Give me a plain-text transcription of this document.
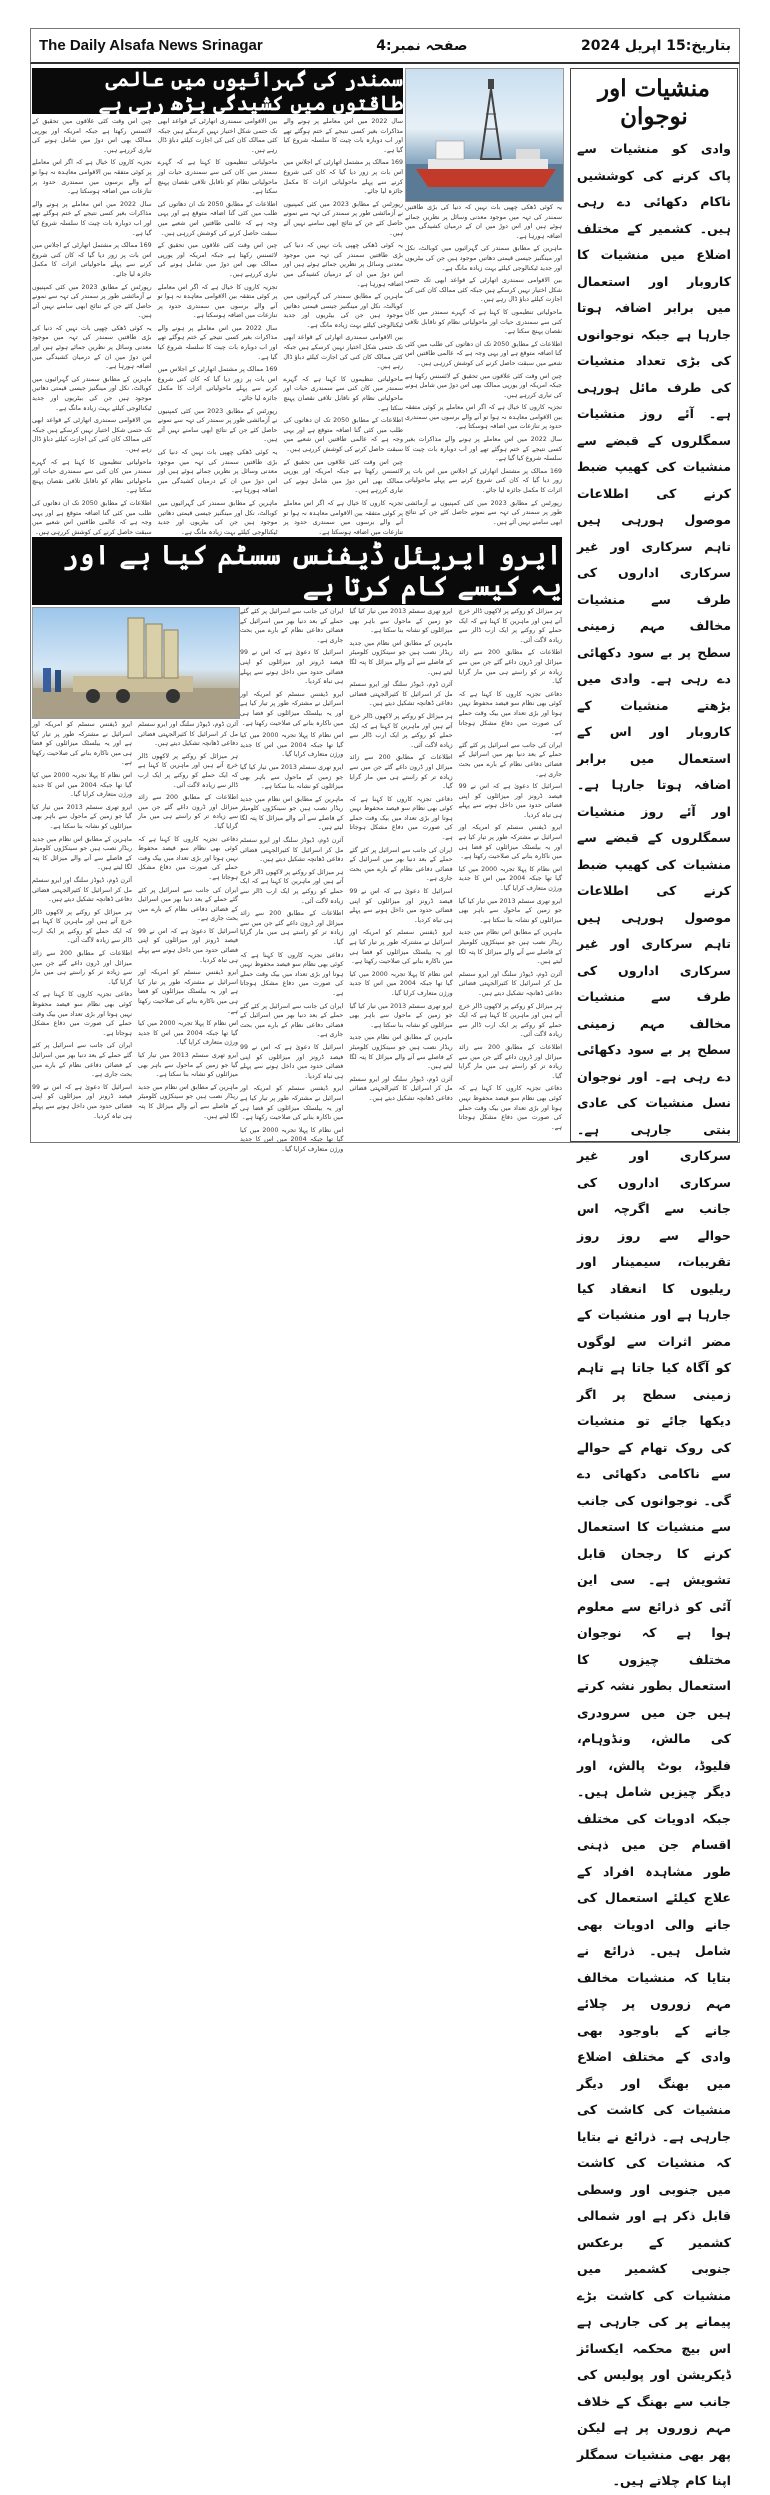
The Daily Alsafa News Srinagar	صفحہ نمبر:4	بتاریخ:15 اپریل 2024
منشیات اور نوجوان
وادی کو منشیات سے پاک کرنے کی کوششیں ناکام دکھائی دے رہی ہیں۔ کشمیر کے مختلف اضلاع میں منشیات کا کاروبار اور استعمال میں برابر اضافہ ہوتا جارہا ہے جبکہ نوجوانوں کی بڑی تعداد منشیات کی طرف مائل ہورہی ہے۔ آئے روز منشیات سمگلروں کے قبضے سے منشیات کی کھیپ ضبط کرنے کی اطلاعات موصول ہورہی ہیں تاہم سرکاری اور غیر سرکاری اداروں کی طرف سے منشیات مخالف مہم زمینی سطح پر بے سود دکھائی دے رہی ہے۔ وادی میں بڑھتے منشیات کے کاروبار اور اس کے استعمال میں برابر اضافہ ہوتا جارہا ہے۔ اور آئے روز منشیات سمگلروں کے قبضے سے منشیات کی کھیپ ضبط کرنے کی اطلاعات موصول ہورہی ہیں تاہم سرکاری اور غیر سرکاری اداروں کی طرف سے منشیات مخالف مہم زمینی سطح پر بے سود دکھائی دے رہی ہے۔ اور نوجوان نسل منشیات کی عادی بنتی جارہی ہے۔ سرکاری اور غیر سرکاری اداروں کی جانب سے اگرچہ اس حوالے سے روز روز تقریبات، سیمینار اور ریلیوں کا انعقاد کیا جارہا ہے اور منشیات کے مضر اثرات سے لوگوں کو آگاہ کیا جاتا ہے تاہم زمینی سطح پر اگر دیکھا جائے تو منشیات کی روک تھام کے حوالے سے ناکامی دکھائی دے گی۔ نوجوانوں کی جانب سے منشیات کا استعمال کرنے کا رجحان قابل تشویش ہے۔ سی این آئی کو ذرائع سے معلوم ہوا ہے کہ نوجوان مختلف چیزوں کا استعمال بطور نشہ کرتے ہیں جن میں سرودری کی مالش، ونڈوہام، فلیوڈ، بوٹ پالش، اور دیگر چیزیں شامل ہیں۔ جبکہ ادویات کی مختلف اقسام جن میں ذہنی طور مشاہدہ افراد کے علاج کیلئے استعمال کی جانے والی ادویات بھی شامل ہیں۔ ذرائع نے بتایا کہ منشیات مخالف مہم زوروں پر چلائے جانے کے باوجود بھی وادی کے مختلف اضلاع میں بھنگ اور دیگر منشیات کی کاشت کی جارہی ہے۔ ذرائع نے بتایا کہ منشیات کی کاشت میں جنوبی اور وسطی قابل ذکر ہے اور شمالی کشمیر کے برعکس جنوبی کشمیر میں منشیات کی کاشت بڑے پیمانے پر کی جارہی ہے اس بیچ محکمہ ایکسائز ڈیکریشن اور پولیس کی جانب سے بھنگ کے خلاف مہم زوروں پر ہے لیکن پھر بھی منشیات سمگلر اپنا کام چلاتے ہیں۔
سمندر کی گہرائیوں میں عالمی طاقتوں میں کشیدگی بڑھ رہی ہے

یہ کوئی ڈھکی چھپی بات نہیں کہ دنیا کی بڑی طاقتیں سمندر کی تہہ میں موجود معدنی وسائل پر نظریں جمائے ہوئے ہیں اور اس دوڑ میں ان کے درمیان کشیدگی میں اضافہ ہورہا ہے۔

ماہرین کے مطابق سمندر کی گہرائیوں میں کوبالٹ، نکل اور مینگنیز جیسی قیمتی دھاتیں موجود ہیں جن کی بیٹریوں اور جدید ٹیکنالوجی کیلئے بہت زیادہ مانگ ہے۔

بین الاقوامی سمندری اتھارٹی کے قواعد ابھی تک حتمی شکل اختیار نہیں کرسکے ہیں جبکہ کئی ممالک کان کنی کی اجازت کیلئے دباؤ ڈال رہے ہیں۔

ماحولیاتی تنظیموں کا کہنا ہے کہ گہرے سمندر میں کان کنی سے سمندری حیات اور ماحولیاتی نظام کو ناقابل تلافی نقصان پہنچ سکتا ہے۔

اطلاعات کے مطابق 2050 تک ان دھاتوں کی طلب میں کئی گنا اضافہ متوقع ہے اور یہی وجہ ہے کہ عالمی طاقتیں اس شعبے میں سبقت حاصل کرنے کی کوشش کررہی ہیں۔

چین اس وقت کئی علاقوں میں تحقیق کے لائسنس رکھتا ہے جبکہ امریکہ اور یورپی ممالک بھی اس دوڑ میں شامل ہونے کی تیاری کررہے ہیں۔

تجزیہ کاروں کا خیال ہے کہ اگر اس معاملے پر کوئی متفقہ بین الاقوامی معاہدہ نہ ہوا تو آنے والے برسوں میں سمندری حدود پر تنازعات میں اضافہ ہوسکتا ہے۔

سال 2022 میں اس معاملے پر ہونے والے مذاکرات بغیر کسی نتیجے کے ختم ہوگئے تھے اور اب دوبارہ بات چیت کا سلسلہ شروع کیا گیا ہے۔

169 ممالک پر مشتمل اتھارٹی کے اجلاس میں اس بات پر زور دیا گیا کہ کان کنی شروع کرنے سے پہلے ماحولیاتی اثرات کا مکمل جائزہ لیا جائے۔

رپورٹس کے مطابق 2023 میں کئی کمپنیوں نے آزمائشی طور پر سمندر کی تہہ سے نمونے حاصل کئے جن کے نتائج ابھی سامنے نہیں آئے ہیں۔

چین اس وقت کئی علاقوں میں تحقیق کے لائسنس رکھتا ہے جبکہ امریکہ اور یورپی ممالک بھی اس دوڑ میں شامل ہونے کی تیاری کررہے ہیں۔

تجزیہ کاروں کا خیال ہے کہ اگر اس معاملے پر کوئی متفقہ بین الاقوامی معاہدہ نہ ہوا تو آنے والے برسوں میں سمندری حدود پر تنازعات میں اضافہ ہوسکتا ہے۔

سال 2022 میں اس معاملے پر ہونے والے مذاکرات بغیر کسی نتیجے کے ختم ہوگئے تھے اور اب دوبارہ بات چیت کا سلسلہ شروع کیا گیا ہے۔

169 ممالک پر مشتمل اتھارٹی کے اجلاس میں اس بات پر زور دیا گیا کہ کان کنی شروع کرنے سے پہلے ماحولیاتی اثرات کا مکمل جائزہ لیا جائے۔

رپورٹس کے مطابق 2023 میں کئی کمپنیوں نے آزمائشی طور پر سمندر کی تہہ سے نمونے حاصل کئے جن کے نتائج ابھی سامنے نہیں آئے ہیں۔

یہ کوئی ڈھکی چھپی بات نہیں کہ دنیا کی بڑی طاقتیں سمندر کی تہہ میں موجود معدنی وسائل پر نظریں جمائے ہوئے ہیں اور اس دوڑ میں ان کے درمیان کشیدگی میں اضافہ ہورہا ہے۔

ماہرین کے مطابق سمندر کی گہرائیوں میں کوبالٹ، نکل اور مینگنیز جیسی قیمتی دھاتیں موجود ہیں جن کی بیٹریوں اور جدید ٹیکنالوجی کیلئے بہت زیادہ مانگ ہے۔

بین الاقوامی سمندری اتھارٹی کے قواعد ابھی تک حتمی شکل اختیار نہیں کرسکے ہیں جبکہ کئی ممالک کان کنی کی اجازت کیلئے دباؤ ڈال رہے ہیں۔

ماحولیاتی تنظیموں کا کہنا ہے کہ گہرے سمندر میں کان کنی سے سمندری حیات اور ماحولیاتی نظام کو ناقابل تلافی نقصان پہنچ سکتا ہے۔

اطلاعات کے مطابق 2050 تک ان دھاتوں کی طلب میں کئی گنا اضافہ متوقع ہے اور یہی وجہ ہے کہ عالمی طاقتیں اس شعبے میں سبقت حاصل کرنے کی کوشش کررہی ہیں۔

بین الاقوامی سمندری اتھارٹی کے قواعد ابھی تک حتمی شکل اختیار نہیں کرسکے ہیں جبکہ کئی ممالک کان کنی کی اجازت کیلئے دباؤ ڈال رہے ہیں۔

ماحولیاتی تنظیموں کا کہنا ہے کہ گہرے سمندر میں کان کنی سے سمندری حیات اور ماحولیاتی نظام کو ناقابل تلافی نقصان پہنچ سکتا ہے۔

اطلاعات کے مطابق 2050 تک ان دھاتوں کی طلب میں کئی گنا اضافہ متوقع ہے اور یہی وجہ ہے کہ عالمی طاقتیں اس شعبے میں سبقت حاصل کرنے کی کوشش کررہی ہیں۔

چین اس وقت کئی علاقوں میں تحقیق کے لائسنس رکھتا ہے جبکہ امریکہ اور یورپی ممالک بھی اس دوڑ میں شامل ہونے کی تیاری کررہے ہیں۔

تجزیہ کاروں کا خیال ہے کہ اگر اس معاملے پر کوئی متفقہ بین الاقوامی معاہدہ نہ ہوا تو آنے والے برسوں میں سمندری حدود پر تنازعات میں اضافہ ہوسکتا ہے۔

سال 2022 میں اس معاملے پر ہونے والے مذاکرات بغیر کسی نتیجے کے ختم ہوگئے تھے اور اب دوبارہ بات چیت کا سلسلہ شروع کیا گیا ہے۔

169 ممالک پر مشتمل اتھارٹی کے اجلاس میں اس بات پر زور دیا گیا کہ کان کنی شروع کرنے سے پہلے ماحولیاتی اثرات کا مکمل جائزہ لیا جائے۔

رپورٹس کے مطابق 2023 میں کئی کمپنیوں نے آزمائشی طور پر سمندر کی تہہ سے نمونے حاصل کئے جن کے نتائج ابھی سامنے نہیں آئے ہیں۔

یہ کوئی ڈھکی چھپی بات نہیں کہ دنیا کی بڑی طاقتیں سمندر کی تہہ میں موجود معدنی وسائل پر نظریں جمائے ہوئے ہیں اور اس دوڑ میں ان کے درمیان کشیدگی میں اضافہ ہورہا ہے۔

ماہرین کے مطابق سمندر کی گہرائیوں میں کوبالٹ، نکل اور مینگنیز جیسی قیمتی دھاتیں موجود ہیں جن کی بیٹریوں اور جدید ٹیکنالوجی کیلئے بہت زیادہ مانگ ہے۔

سال 2022 میں اس معاملے پر ہونے والے مذاکرات بغیر کسی نتیجے کے ختم ہوگئے تھے اور اب دوبارہ بات چیت کا سلسلہ شروع کیا گیا ہے۔

169 ممالک پر مشتمل اتھارٹی کے اجلاس میں اس بات پر زور دیا گیا کہ کان کنی شروع کرنے سے پہلے ماحولیاتی اثرات کا مکمل جائزہ لیا جائے۔

رپورٹس کے مطابق 2023 میں کئی کمپنیوں نے آزمائشی طور پر سمندر کی تہہ سے نمونے حاصل کئے جن کے نتائج ابھی سامنے نہیں آئے ہیں۔

یہ کوئی ڈھکی چھپی بات نہیں کہ دنیا کی بڑی طاقتیں سمندر کی تہہ میں موجود معدنی وسائل پر نظریں جمائے ہوئے ہیں اور اس دوڑ میں ان کے درمیان کشیدگی میں اضافہ ہورہا ہے۔

ماہرین کے مطابق سمندر کی گہرائیوں میں کوبالٹ، نکل اور مینگنیز جیسی قیمتی دھاتیں موجود ہیں جن کی بیٹریوں اور جدید ٹیکنالوجی کیلئے بہت زیادہ مانگ ہے۔

بین الاقوامی سمندری اتھارٹی کے قواعد ابھی تک حتمی شکل اختیار نہیں کرسکے ہیں جبکہ کئی ممالک کان کنی کی اجازت کیلئے دباؤ ڈال رہے ہیں۔

ماحولیاتی تنظیموں کا کہنا ہے کہ گہرے سمندر میں کان کنی سے سمندری حیات اور ماحولیاتی نظام کو ناقابل تلافی نقصان پہنچ سکتا ہے۔

اطلاعات کے مطابق 2050 تک ان دھاتوں کی طلب میں کئی گنا اضافہ متوقع ہے اور یہی وجہ ہے کہ عالمی طاقتیں اس شعبے میں سبقت حاصل کرنے کی کوشش کررہی ہیں۔

چین اس وقت کئی علاقوں میں تحقیق کے لائسنس رکھتا ہے جبکہ امریکہ اور یورپی ممالک بھی اس دوڑ میں شامل ہونے کی تیاری کررہے ہیں۔

تجزیہ کاروں کا خیال ہے کہ اگر اس معاملے پر کوئی متفقہ بین الاقوامی معاہدہ نہ ہوا تو آنے والے برسوں میں سمندری حدود پر تنازعات میں اضافہ ہوسکتا ہے۔

ایرو ایریئل ڈیفنس سسٹم کیا ہے اور یہ کیسے کام کرتا ہے

ایران کی جانب سے اسرائیل پر کئے گئے حملے کے بعد دنیا بھر میں اسرائیل کے فضائی دفاعی نظام کے بارے میں بحث جاری ہے۔

اسرائیل کا دعویٰ ہے کہ اس نے 99 فیصد ڈرونز اور میزائلوں کو اپنی فضائی حدود میں داخل ہونے سے پہلے ہی تباہ کردیا۔

ایرو ڈیفنس سسٹم کو امریکہ اور اسرائیل نے مشترکہ طور پر تیار کیا ہے اور یہ بیلسٹک میزائلوں کو فضا ہی میں ناکارہ بنانے کی صلاحیت رکھتا ہے۔

اس نظام کا پہلا تجربہ 2000 میں کیا گیا تھا جبکہ 2004 میں اس کا جدید ورژن متعارف کرایا گیا۔

ایرو تھری سسٹم 2013 میں تیار کیا گیا جو زمین کے ماحول سے باہر بھی میزائلوں کو نشانہ بنا سکتا ہے۔

ماہرین کے مطابق اس نظام میں جدید ریڈار نصب ہیں جو سینکڑوں کلومیٹر کے فاصلے سے آنے والے میزائل کا پتہ لگا لیتے ہیں۔

آئرن ڈوم، ڈیوڈز سلنگ اور ایرو سسٹم مل کر اسرائیل کا کثیرالجہتی فضائی دفاعی ڈھانچہ تشکیل دیتے ہیں۔

ہر میزائل کو روکنے پر لاکھوں ڈالر خرچ آتے ہیں اور ماہرین کا کہنا ہے کہ ایک حملے کو روکنے پر ایک ارب ڈالر سے زیادہ لاگت آئی۔

اطلاعات کے مطابق 200 سے زائد میزائل اور ڈرون داغے گئے جن میں سے زیادہ تر کو راستے ہی میں مار گرایا گیا۔

دفاعی تجزیہ کاروں کا کہنا ہے کہ کوئی بھی نظام سو فیصد محفوظ نہیں ہوتا اور بڑی تعداد میں بیک وقت حملے کی صورت میں دفاع مشکل ہوجاتا ہے۔

ایران کی جانب سے اسرائیل پر کئے گئے حملے کے بعد دنیا بھر میں اسرائیل کے فضائی دفاعی نظام کے بارے میں بحث جاری ہے۔

اسرائیل کا دعویٰ ہے کہ اس نے 99 فیصد ڈرونز اور میزائلوں کو اپنی فضائی حدود میں داخل ہونے سے پہلے ہی تباہ کردیا۔

ایرو ڈیفنس سسٹم کو امریکہ اور اسرائیل نے مشترکہ طور پر تیار کیا ہے اور یہ بیلسٹک میزائلوں کو فضا ہی میں ناکارہ بنانے کی صلاحیت رکھتا ہے۔

اس نظام کا پہلا تجربہ 2000 میں کیا گیا تھا جبکہ 2004 میں اس کا جدید ورژن متعارف کرایا گیا۔

ایرو تھری سسٹم 2013 میں تیار کیا گیا جو زمین کے ماحول سے باہر بھی میزائلوں کو نشانہ بنا سکتا ہے۔

ماہرین کے مطابق اس نظام میں جدید ریڈار نصب ہیں جو سینکڑوں کلومیٹر کے فاصلے سے آنے والے میزائل کا پتہ لگا لیتے ہیں۔

آئرن ڈوم، ڈیوڈز سلنگ اور ایرو سسٹم مل کر اسرائیل کا کثیرالجہتی فضائی دفاعی ڈھانچہ تشکیل دیتے ہیں۔

ہر میزائل کو روکنے پر لاکھوں ڈالر خرچ آتے ہیں اور ماہرین کا کہنا ہے کہ ایک حملے کو روکنے پر ایک ارب ڈالر سے زیادہ لاگت آئی۔

اطلاعات کے مطابق 200 سے زائد میزائل اور ڈرون داغے گئے جن میں سے زیادہ تر کو راستے ہی میں مار گرایا گیا۔

دفاعی تجزیہ کاروں کا کہنا ہے کہ کوئی بھی نظام سو فیصد محفوظ نہیں ہوتا اور بڑی تعداد میں بیک وقت حملے کی صورت میں دفاع مشکل ہوجاتا ہے۔

ایران کی جانب سے اسرائیل پر کئے گئے حملے کے بعد دنیا بھر میں اسرائیل کے فضائی دفاعی نظام کے بارے میں بحث جاری ہے۔

اسرائیل کا دعویٰ ہے کہ اس نے 99 فیصد ڈرونز اور میزائلوں کو اپنی فضائی حدود میں داخل ہونے سے پہلے ہی تباہ کردیا۔

ایرو ڈیفنس سسٹم کو امریکہ اور اسرائیل نے مشترکہ طور پر تیار کیا ہے اور یہ بیلسٹک میزائلوں کو فضا ہی میں ناکارہ بنانے کی صلاحیت رکھتا ہے۔

اس نظام کا پہلا تجربہ 2000 میں کیا گیا تھا جبکہ 2004 میں اس کا جدید ورژن متعارف کرایا گیا۔

ایرو تھری سسٹم 2013 میں تیار کیا گیا جو زمین کے ماحول سے باہر بھی میزائلوں کو نشانہ بنا سکتا ہے۔

ماہرین کے مطابق اس نظام میں جدید ریڈار نصب ہیں جو سینکڑوں کلومیٹر کے فاصلے سے آنے والے میزائل کا پتہ لگا لیتے ہیں۔

آئرن ڈوم، ڈیوڈز سلنگ اور ایرو سسٹم مل کر اسرائیل کا کثیرالجہتی فضائی دفاعی ڈھانچہ تشکیل دیتے ہیں۔

ہر میزائل کو روکنے پر لاکھوں ڈالر خرچ آتے ہیں اور ماہرین کا کہنا ہے کہ ایک حملے کو روکنے پر ایک ارب ڈالر سے زیادہ لاگت آئی۔

اطلاعات کے مطابق 200 سے زائد میزائل اور ڈرون داغے گئے جن میں سے زیادہ تر کو راستے ہی میں مار گرایا گیا۔

دفاعی تجزیہ کاروں کا کہنا ہے کہ کوئی بھی نظام سو فیصد محفوظ نہیں ہوتا اور بڑی تعداد میں بیک وقت حملے کی صورت میں دفاع مشکل ہوجاتا ہے۔

ایران کی جانب سے اسرائیل پر کئے گئے حملے کے بعد دنیا بھر میں اسرائیل کے فضائی دفاعی نظام کے بارے میں بحث جاری ہے۔

اسرائیل کا دعویٰ ہے کہ اس نے 99 فیصد ڈرونز اور میزائلوں کو اپنی فضائی حدود میں داخل ہونے سے پہلے ہی تباہ کردیا۔

ایرو ڈیفنس سسٹم کو امریکہ اور اسرائیل نے مشترکہ طور پر تیار کیا ہے اور یہ بیلسٹک میزائلوں کو فضا ہی میں ناکارہ بنانے کی صلاحیت رکھتا ہے۔

اس نظام کا پہلا تجربہ 2000 میں کیا گیا تھا جبکہ 2004 میں اس کا جدید ورژن متعارف کرایا گیا۔

ایرو تھری سسٹم 2013 میں تیار کیا گیا جو زمین کے ماحول سے باہر بھی میزائلوں کو نشانہ بنا سکتا ہے۔

ماہرین کے مطابق اس نظام میں جدید ریڈار نصب ہیں جو سینکڑوں کلومیٹر کے فاصلے سے آنے والے میزائل کا پتہ لگا لیتے ہیں۔

آئرن ڈوم، ڈیوڈز سلنگ اور ایرو سسٹم مل کر اسرائیل کا کثیرالجہتی فضائی دفاعی ڈھانچہ تشکیل دیتے ہیں۔

ہر میزائل کو روکنے پر لاکھوں ڈالر خرچ آتے ہیں اور ماہرین کا کہنا ہے کہ ایک حملے کو روکنے پر ایک ارب ڈالر سے زیادہ لاگت آئی۔

اطلاعات کے مطابق 200 سے زائد میزائل اور ڈرون داغے گئے جن میں سے زیادہ تر کو راستے ہی میں مار گرایا گیا۔

دفاعی تجزیہ کاروں کا کہنا ہے کہ کوئی بھی نظام سو فیصد محفوظ نہیں ہوتا اور بڑی تعداد میں بیک وقت حملے کی صورت میں دفاع مشکل ہوجاتا ہے۔

ایرو ڈیفنس سسٹم کو امریکہ اور اسرائیل نے مشترکہ طور پر تیار کیا ہے اور یہ بیلسٹک میزائلوں کو فضا ہی میں ناکارہ بنانے کی صلاحیت رکھتا ہے۔

اس نظام کا پہلا تجربہ 2000 میں کیا گیا تھا جبکہ 2004 میں اس کا جدید ورژن متعارف کرایا گیا۔

ایرو تھری سسٹم 2013 میں تیار کیا گیا جو زمین کے ماحول سے باہر بھی میزائلوں کو نشانہ بنا سکتا ہے۔

ماہرین کے مطابق اس نظام میں جدید ریڈار نصب ہیں جو سینکڑوں کلومیٹر کے فاصلے سے آنے والے میزائل کا پتہ لگا لیتے ہیں۔

آئرن ڈوم، ڈیوڈز سلنگ اور ایرو سسٹم مل کر اسرائیل کا کثیرالجہتی فضائی دفاعی ڈھانچہ تشکیل دیتے ہیں۔

ہر میزائل کو روکنے پر لاکھوں ڈالر خرچ آتے ہیں اور ماہرین کا کہنا ہے کہ ایک حملے کو روکنے پر ایک ارب ڈالر سے زیادہ لاگت آئی۔

اطلاعات کے مطابق 200 سے زائد میزائل اور ڈرون داغے گئے جن میں سے زیادہ تر کو راستے ہی میں مار گرایا گیا۔

دفاعی تجزیہ کاروں کا کہنا ہے کہ کوئی بھی نظام سو فیصد محفوظ نہیں ہوتا اور بڑی تعداد میں بیک وقت حملے کی صورت میں دفاع مشکل ہوجاتا ہے۔

ایران کی جانب سے اسرائیل پر کئے گئے حملے کے بعد دنیا بھر میں اسرائیل کے فضائی دفاعی نظام کے بارے میں بحث جاری ہے۔

اسرائیل کا دعویٰ ہے کہ اس نے 99 فیصد ڈرونز اور میزائلوں کو اپنی فضائی حدود میں داخل ہونے سے پہلے ہی تباہ کردیا۔

آئرن ڈوم، ڈیوڈز سلنگ اور ایرو سسٹم مل کر اسرائیل کا کثیرالجہتی فضائی دفاعی ڈھانچہ تشکیل دیتے ہیں۔

ہر میزائل کو روکنے پر لاکھوں ڈالر خرچ آتے ہیں اور ماہرین کا کہنا ہے کہ ایک حملے کو روکنے پر ایک ارب ڈالر سے زیادہ لاگت آئی۔

اطلاعات کے مطابق 200 سے زائد میزائل اور ڈرون داغے گئے جن میں سے زیادہ تر کو راستے ہی میں مار گرایا گیا۔

دفاعی تجزیہ کاروں کا کہنا ہے کہ کوئی بھی نظام سو فیصد محفوظ نہیں ہوتا اور بڑی تعداد میں بیک وقت حملے کی صورت میں دفاع مشکل ہوجاتا ہے۔

ایران کی جانب سے اسرائیل پر کئے گئے حملے کے بعد دنیا بھر میں اسرائیل کے فضائی دفاعی نظام کے بارے میں بحث جاری ہے۔

اسرائیل کا دعویٰ ہے کہ اس نے 99 فیصد ڈرونز اور میزائلوں کو اپنی فضائی حدود میں داخل ہونے سے پہلے ہی تباہ کردیا۔

ایرو ڈیفنس سسٹم کو امریکہ اور اسرائیل نے مشترکہ طور پر تیار کیا ہے اور یہ بیلسٹک میزائلوں کو فضا ہی میں ناکارہ بنانے کی صلاحیت رکھتا ہے۔

اس نظام کا پہلا تجربہ 2000 میں کیا گیا تھا جبکہ 2004 میں اس کا جدید ورژن متعارف کرایا گیا۔

ایرو تھری سسٹم 2013 میں تیار کیا گیا جو زمین کے ماحول سے باہر بھی میزائلوں کو نشانہ بنا سکتا ہے۔

ماہرین کے مطابق اس نظام میں جدید ریڈار نصب ہیں جو سینکڑوں کلومیٹر کے فاصلے سے آنے والے میزائل کا پتہ لگا لیتے ہیں۔
